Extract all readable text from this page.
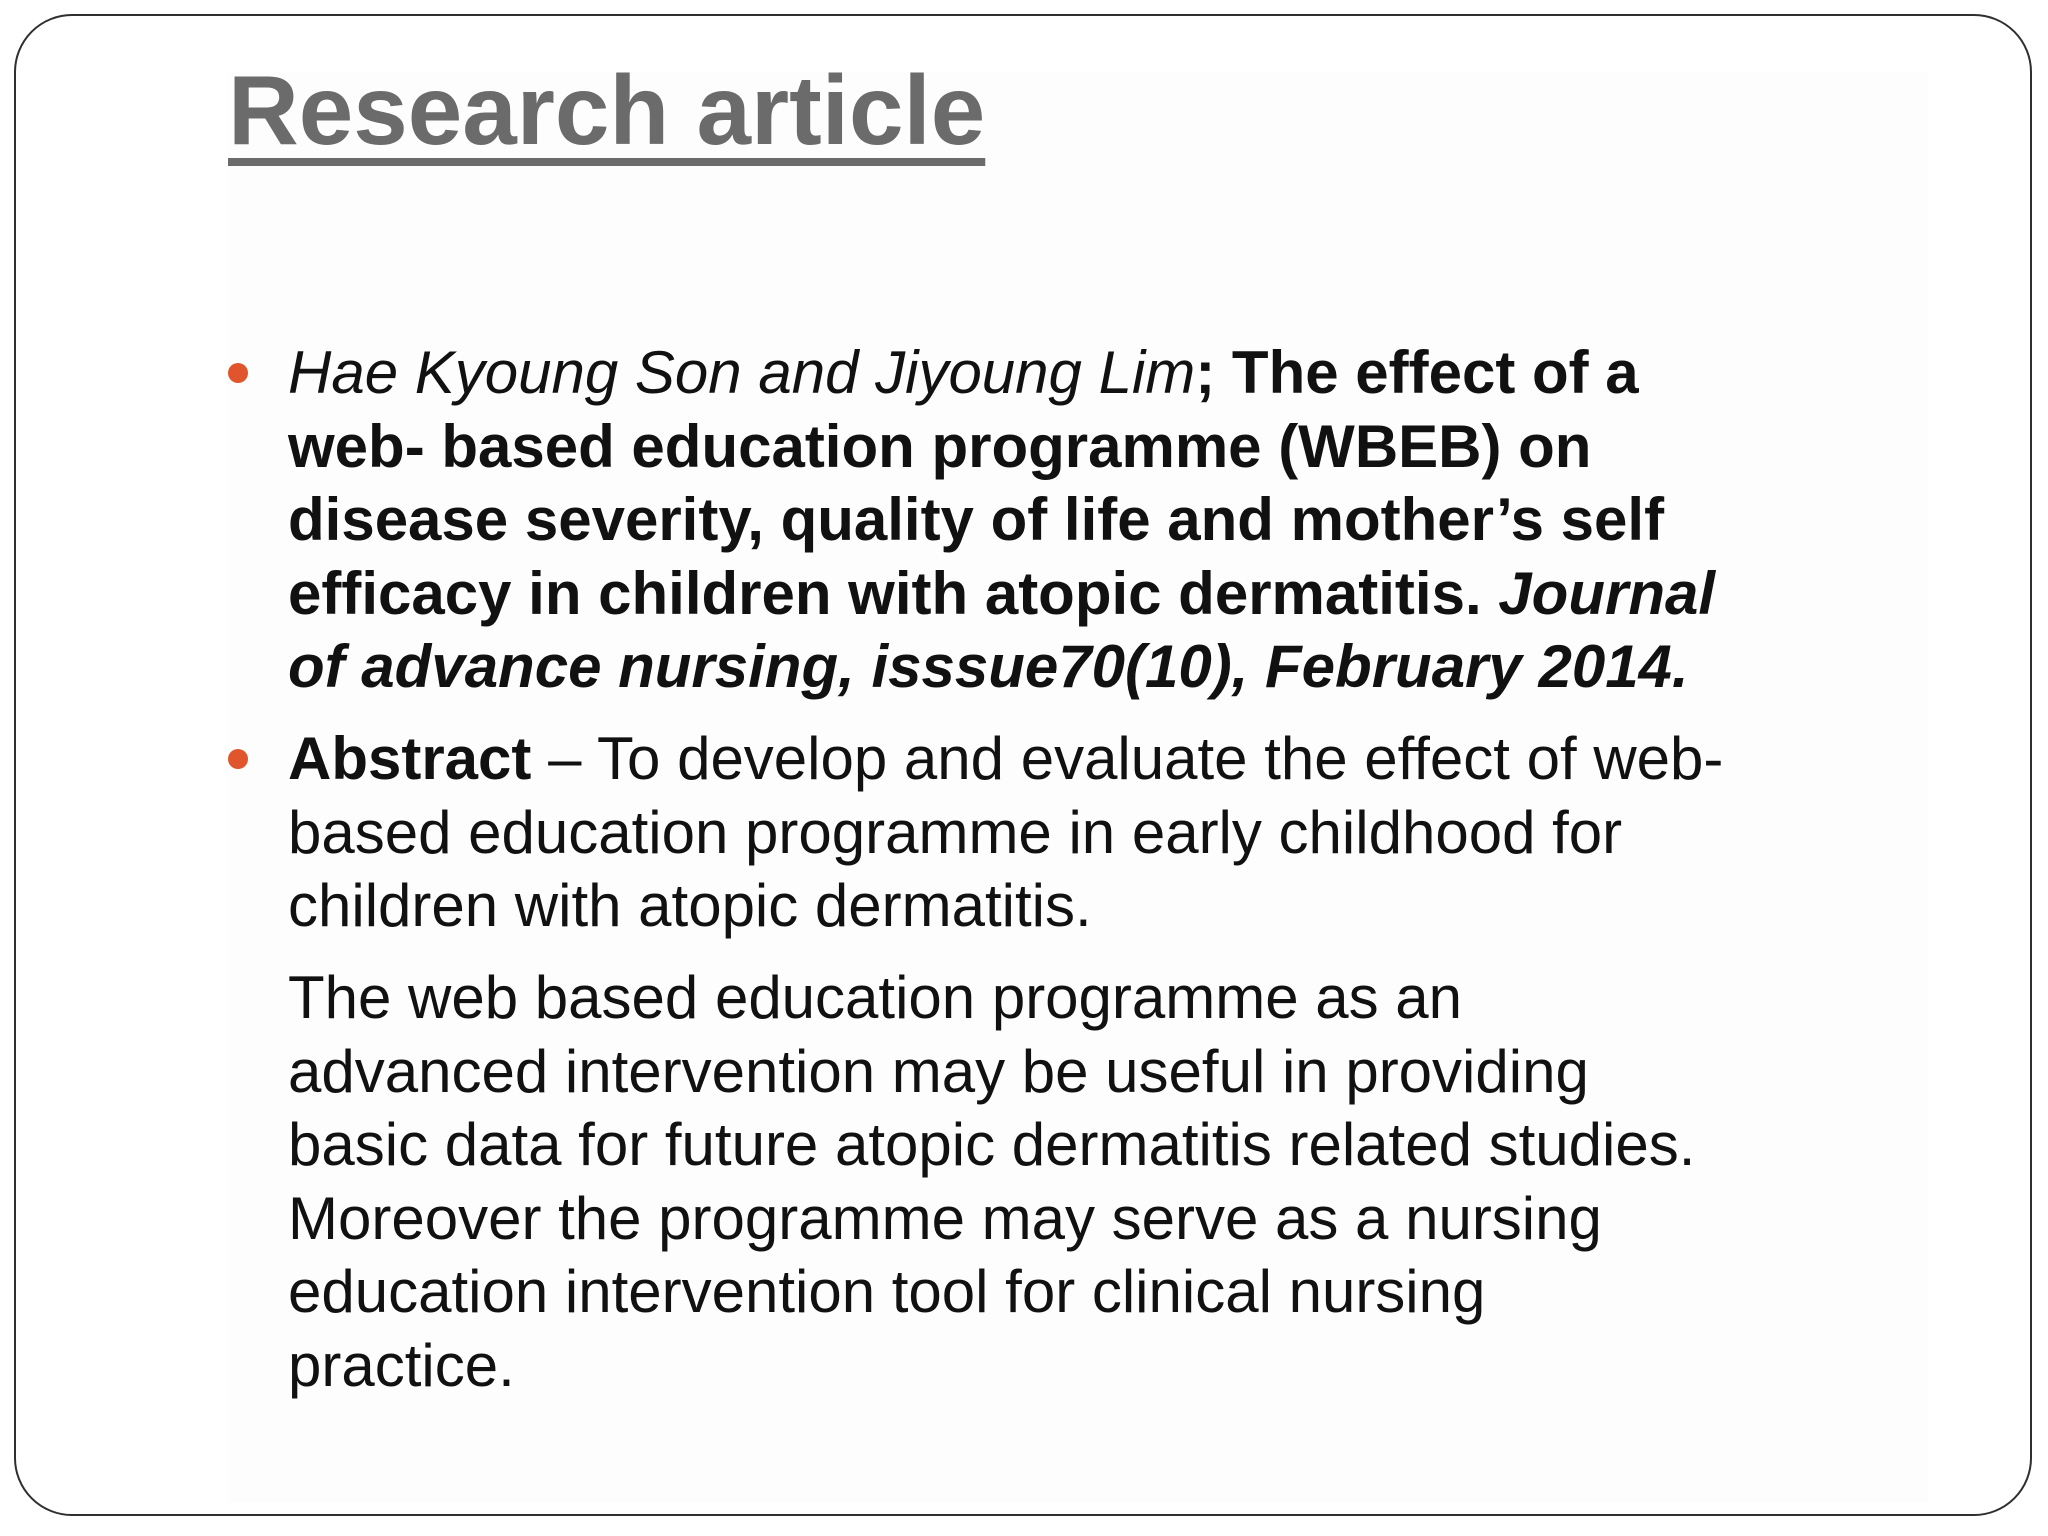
Research article
Hae Kyoung Son and Jiyoung Lim; The effect of a
web- based education programme (WBEB) on
disease severity, quality of life and mother’s self
efficacy in children with atopic dermatitis. Journal
of advance nursing, isssue70(10), February 2014.
Abstract – To develop and evaluate the effect of web-
based education programme in early childhood for
children with atopic dermatitis.
The web based education programme as an
advanced intervention may be useful in providing
basic data for future atopic dermatitis related studies.
Moreover the programme may serve as a nursing
education intervention tool for clinical nursing
practice.
